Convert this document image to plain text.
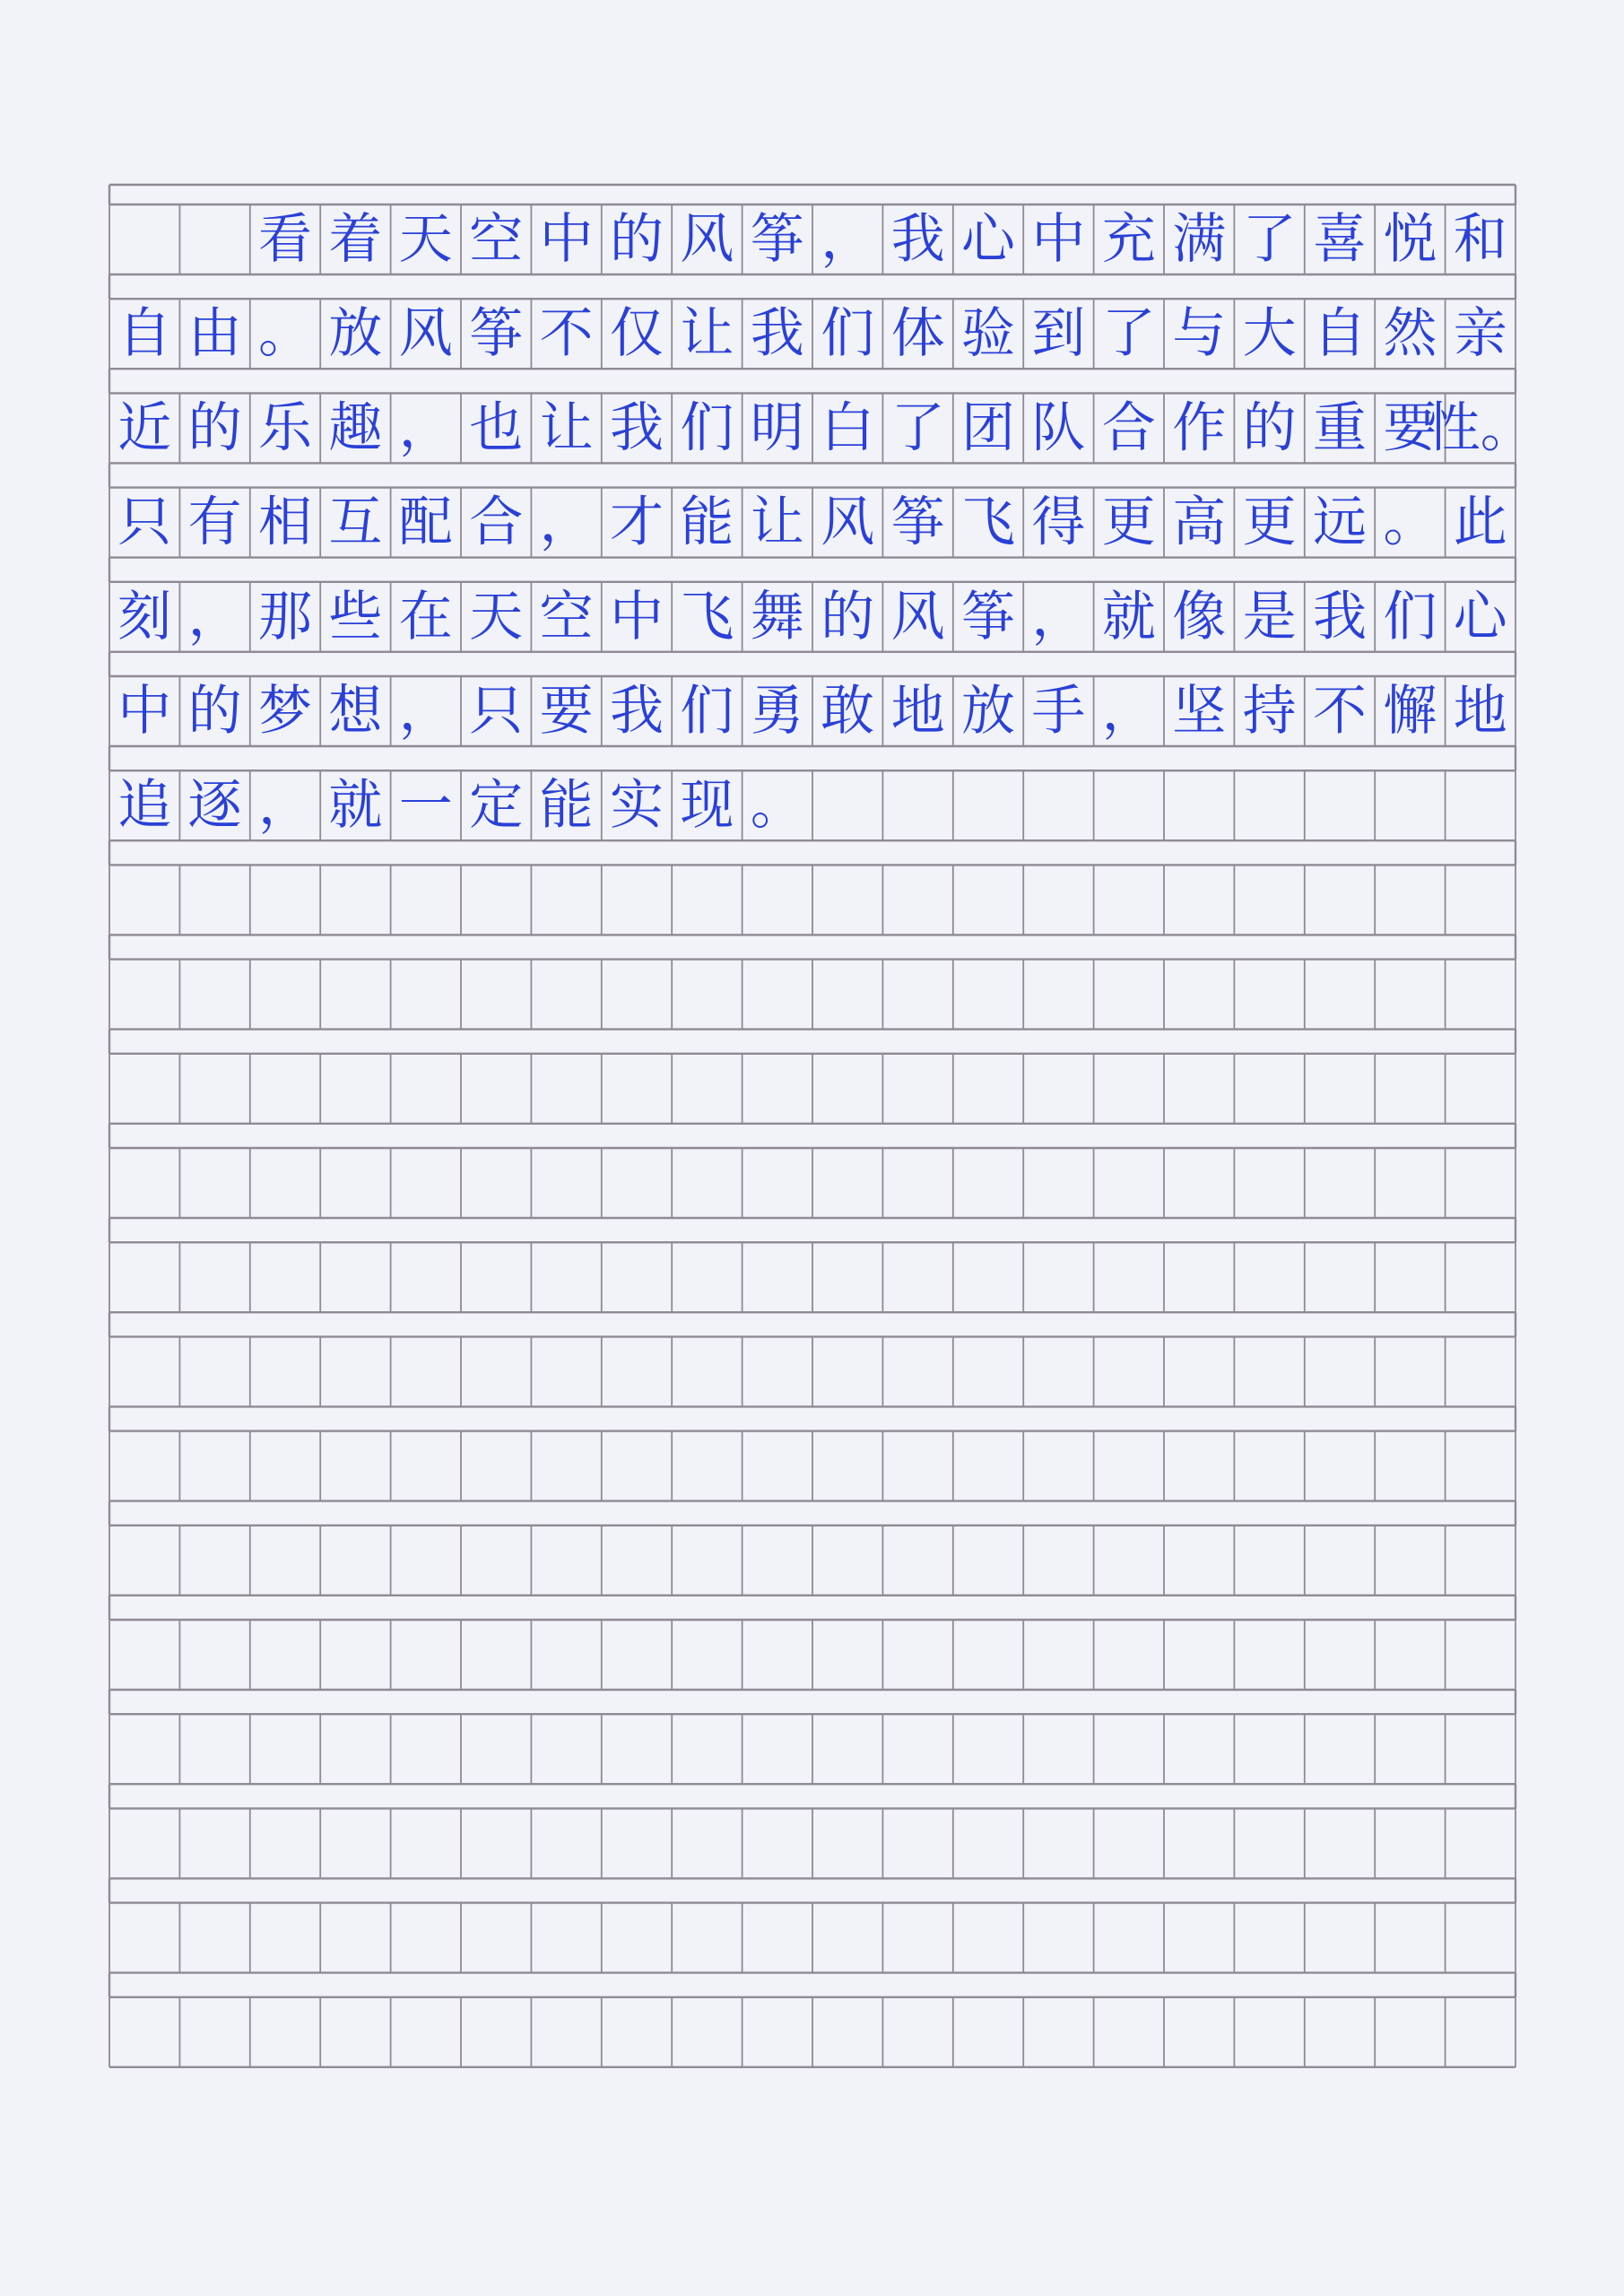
看 着 天 空 中 的 风 筝 ， 我 心 中 充 满 了 喜 悦 和
自 由 。 放 风 筝 不 仅 让 我 们 体 验 到 了 与 大 自 然 亲
近 的 乐 趣 ， 也 让 我 们 明 白 了 团 队 合 作 的 重 要
性。
只 有 相 互 配 合 ， 才 能 让 风 筝 飞 得 更 高 更 远 。 此
刻 ， 那 些 在 天 空 中 飞 舞 的 风 筝 ， 就 像 是 我 们 心
中 的 梦 想 ， 只 要 我 们 勇 敢 地 放 手 ， 坚 持 不 懈 地
追 逐 ， 就 一 定 能 实 现 。
